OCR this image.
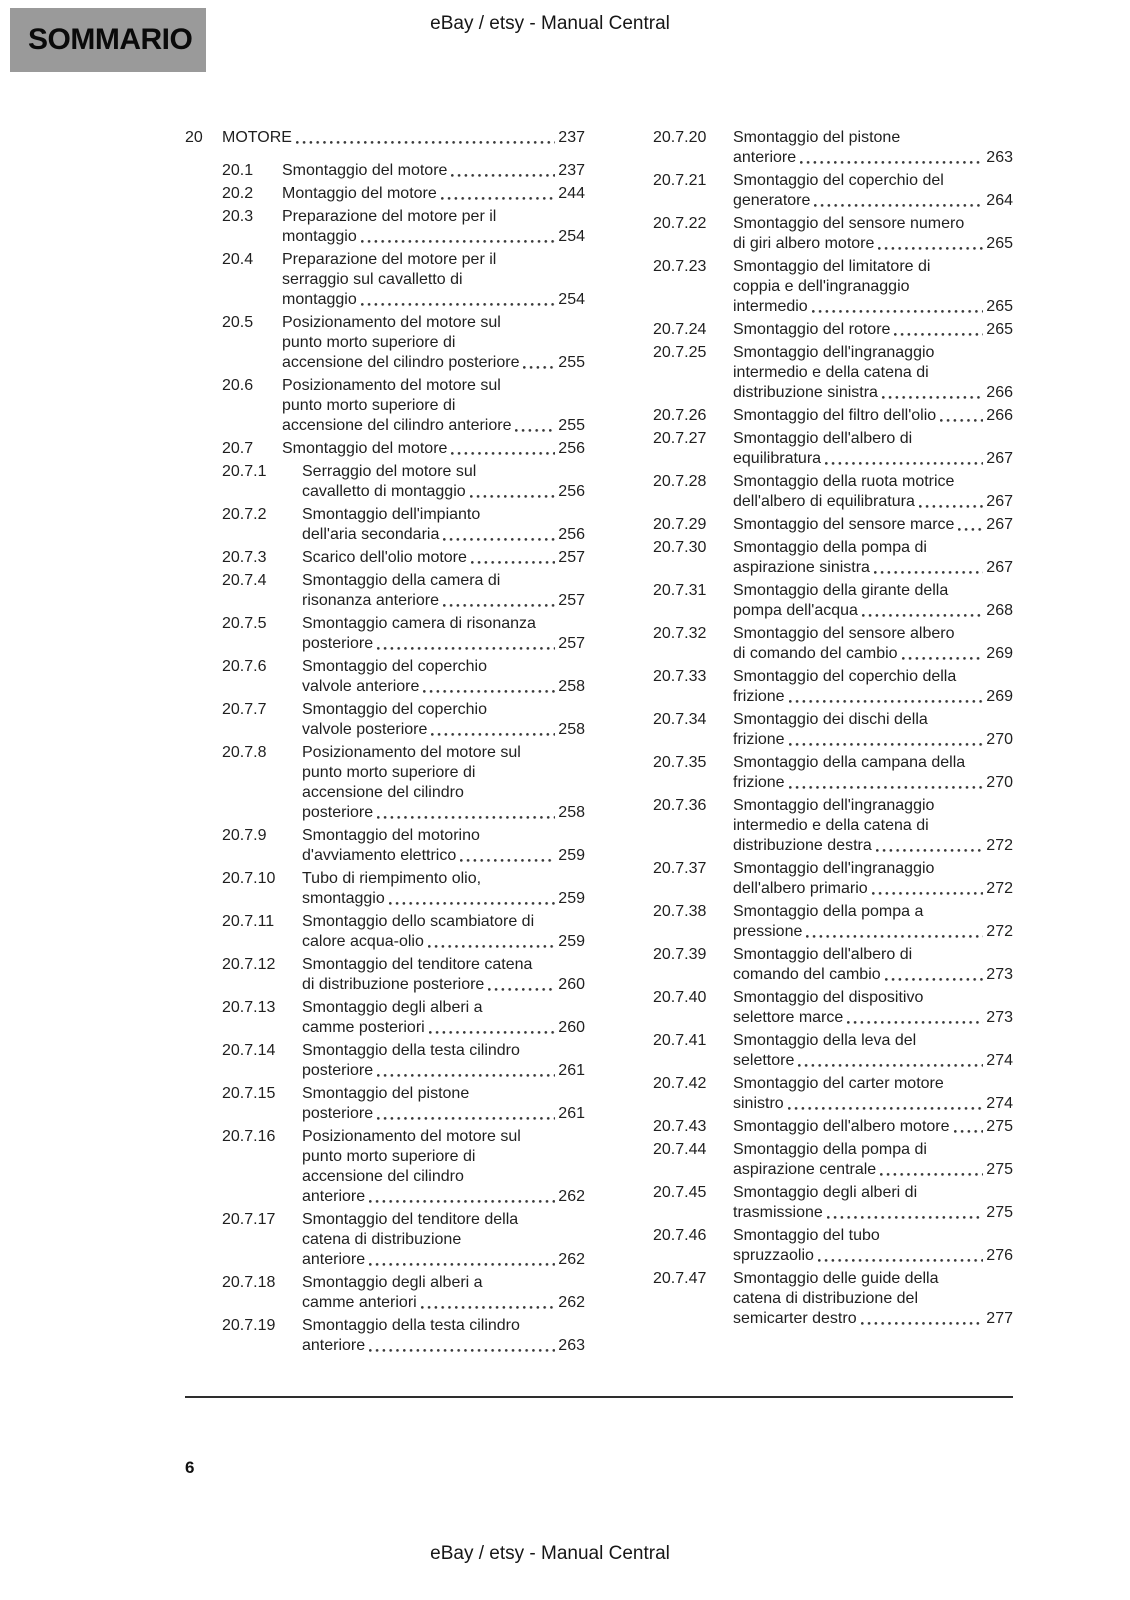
SOMMARIO	eBay / etsy - Manual Central
20	MOTORE	237
20.1	Smontaggio del motore	237
20.2	Montaggio del motore	244
20.3	Preparazione del motore per il
montaggio	254
20.4	Preparazione del motore per il
serraggio sul cavalletto di
montaggio	254
20.5	Posizionamento del motore sul
punto morto superiore di
accensione del cilindro posteriore 255
20.6	Posizionamento del motore sul
punto morto superiore di
accensione del cilindro anteriore	255
20.7	Smontaggio del motore	256
20.7.1	Serraggio del motore sul
cavalletto di montaggio	256
20.7.2	Smontaggio dell'impianto
dell'aria secondaria	256
20.7.3	Scarico dell'olio motore	257
20.7.4	Smontaggio della camera di
risonanza anteriore	257
20.7.5	Smontaggio camera di risonanza
posteriore	257
20.7.6	Smontaggio del coperchio
valvole anteriore	258
20.7.7	Smontaggio del coperchio
valvole posteriore	258
20.7.8	Posizionamento del motore sul
punto morto superiore di
accensione del cilindro
posteriore	258
20.7.9	Smontaggio del motorino
d'avviamento elettrico	259
20.7.10	Tubo di riempimento olio,
smontaggio	259
20.7.11	Smontaggio dello scambiatore di
calore acqua-olio	259
20.7.12	Smontaggio del tenditore catena
di distribuzione posteriore	260
20.7.13	Smontaggio degli alberi a
camme posteriori	260
20.7.14	Smontaggio della testa cilindro
posteriore	261
20.7.15	Smontaggio del pistone
posteriore	261
20.7.16	Posizionamento del motore sul
punto morto superiore di
accensione del cilindro
anteriore	262
20.7.17	Smontaggio del tenditore della
catena di distribuzione
anteriore	262
20.7.18	Smontaggio degli alberi a
camme anteriori	262
20.7.19	Smontaggio della testa cilindro
anteriore	263
20.7.20	Smontaggio del pistone
anteriore	263
20.7.21	Smontaggio del coperchio del
generatore	264
20.7.22	Smontaggio del sensore numero
di giri albero motore	265
20.7.23	Smontaggio del limitatore di
coppia e dell'ingranaggio
intermedio	265
20.7.24	Smontaggio del rotore	265
20.7.25	Smontaggio dell'ingranaggio
intermedio e della catena di
distribuzione sinistra	266
20.7.26	Smontaggio del filtro dell'olio	266
20.7.27	Smontaggio dell'albero di
equilibratura	267
20.7.28	Smontaggio della ruota motrice
dell'albero di equilibratura	267
20.7.29	Smontaggio del sensore marce 267
20.7.30	Smontaggio della pompa di
aspirazione sinistra	267
20.7.31	Smontaggio della girante della
pompa dell'acqua	268
20.7.32	Smontaggio del sensore albero
di comando del cambio	269
20.7.33	Smontaggio del coperchio della
frizione	269
20.7.34	Smontaggio dei dischi della
frizione	270
20.7.35	Smontaggio della campana della
frizione	270
20.7.36	Smontaggio dell'ingranaggio
intermedio e della catena di
distribuzione destra	272
20.7.37	Smontaggio dell'ingranaggio
dell'albero primario	272
20.7.38	Smontaggio della pompa a
pressione	272
20.7.39	Smontaggio dell'albero di
comando del cambio	273
20.7.40	Smontaggio del dispositivo
selettore marce	273
20.7.41	Smontaggio della leva del
selettore	274
20.7.42	Smontaggio del carter motore
sinistro	274
20.7.43	Smontaggio dell'albero motore 275
20.7.44	Smontaggio della pompa di
aspirazione centrale	275
20.7.45	Smontaggio degli alberi di
trasmissione	275
20.7.46	Smontaggio del tubo
spruzzaolio	276
20.7.47	Smontaggio delle guide della
catena di distribuzione del
semicarter destro	277
6
eBay / etsy - Manual Central
